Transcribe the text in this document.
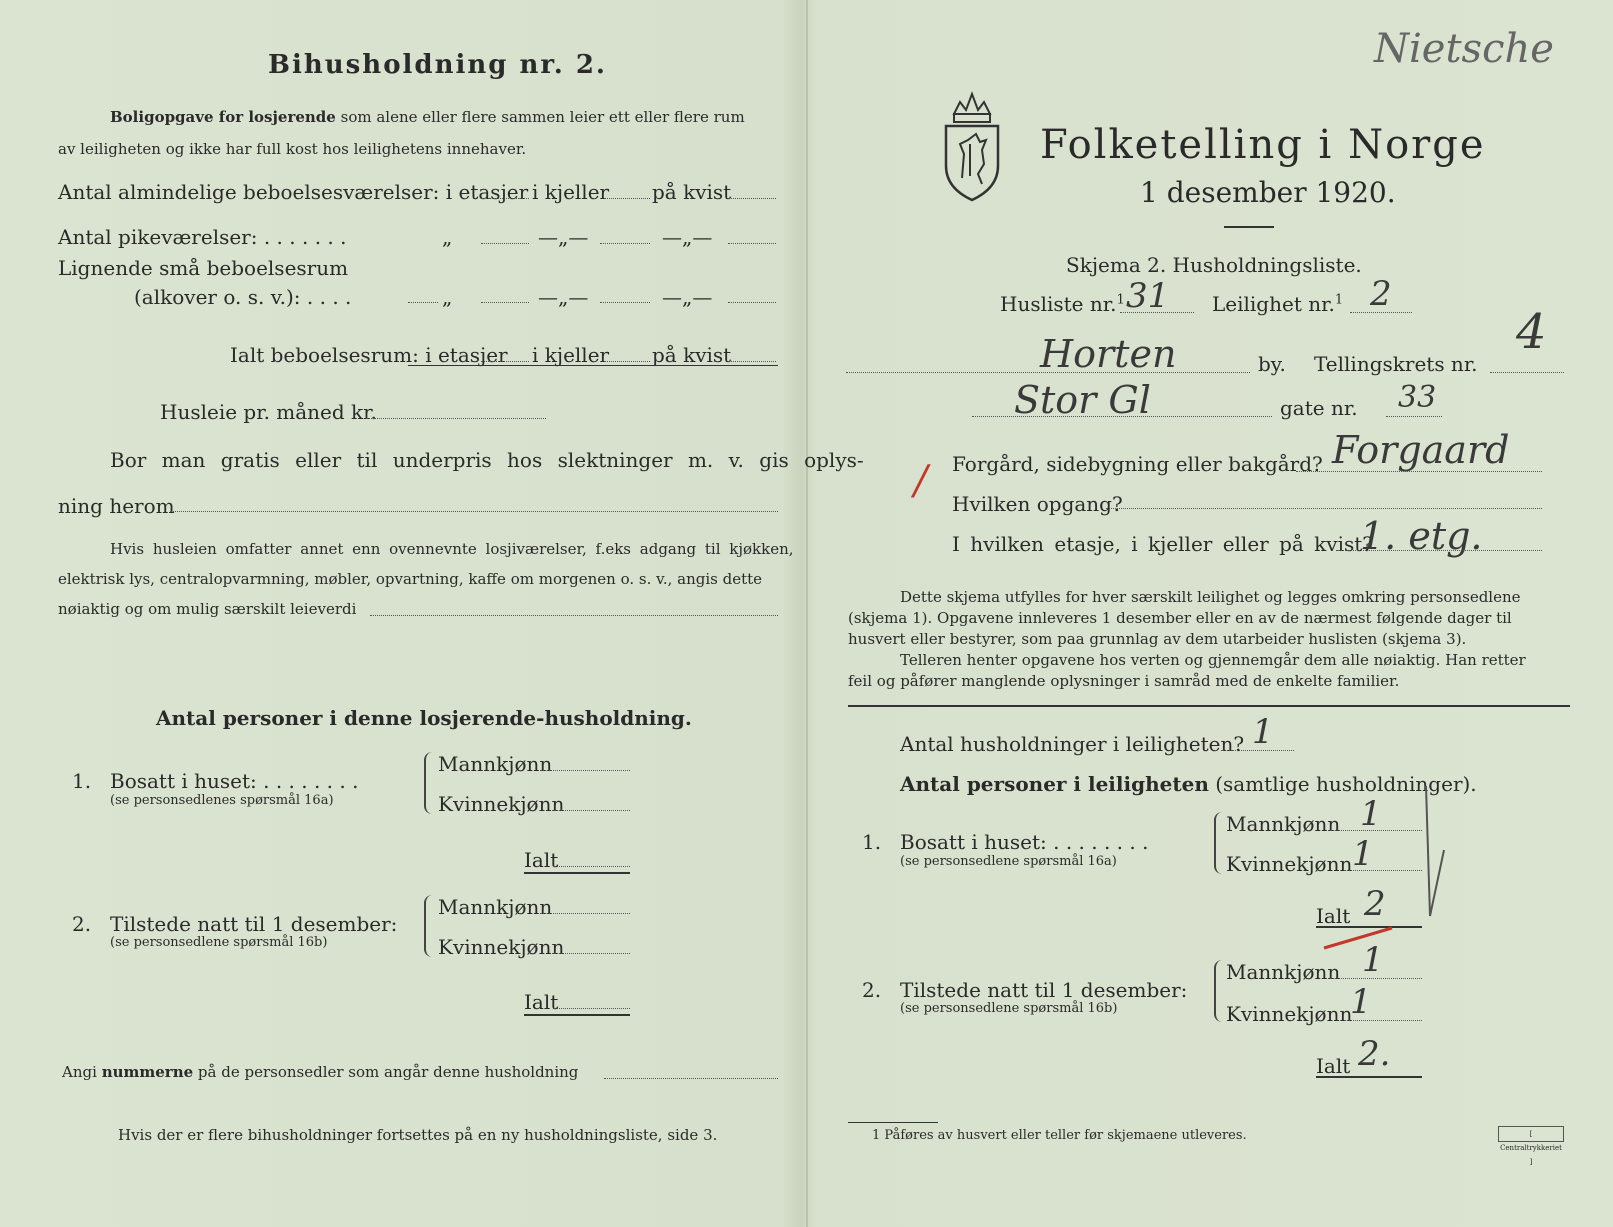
Bihusholdning nr. 2.
Boligopgave for losjerende som alene eller flere sammen leier ett eller flere rum
av leiligheten og ikke har full kost hos leilighetens innehaver.
Antal almindelige beboelsesværelser: i etasjer i kjeller på kvist
Antal pikeværelser: . . . . . . .	„	—„—	—„—
Lignende små beboelsesrum
(alkover o. s. v.): . . . .	„	—„—	—„—
Ialt beboelsesrum: i etasjer i kjeller på kvist
Husleie pr. måned kr.
Bor man gratis eller til underpris hos slektninger m. v. gis oplys-
ning herom
Hvis husleien omfatter annet enn ovennevnte losjiværelser, f.eks adgang til kjøkken,
elektrisk lys, centralopvarmning, møbler, opvartning, kaffe om morgenen o. s. v., angis dette
nøiaktig og om mulig særskilt leieverdi
Antal personer i denne losjerende-husholdning.
1. Bosatt i huset: . . . . . . . .
(se personsedlenes spørsmål 16a)
Mannkjønn
Kvinnekjønn
Ialt
2. Tilstede natt til 1 desember:
(se personsedlene spørsmål 16b)
Mannkjønn
Kvinnekjønn
Ialt
Angi nummerne på de personsedler som angår denne husholdning
Hvis der er flere bihusholdninger fortsettes på en ny husholdningsliste, side 3.
Nietsche
Folketelling i Norge
1 desember 1920.
Skjema 2. Husholdningsliste.
Husliste nr.$^1$ 31 Leilighet nr.$^1$ 2
Horten	by. Tellingskrets nr.
4
Stor Gl	gate nr. 33
/ Forgård, sidebygning eller bakgård? Forgaard
Hvilken opgang?
I hvilken etasje, i kjeller eller på kvist?
1. etg.
Dette skjema utfylles for hver særskilt leilighet og legges omkring personsedlene
(skjema 1). Opgavene innleveres 1 desember eller en av de nærmest følgende dager til
husvert eller bestyrer, som paa grunnlag av dem utarbeider huslisten (skjema 3).
Telleren henter opgavene hos verten og gjennemgår dem alle nøiaktig. Han retter
feil og påfører manglende oplysninger i samråd med de enkelte familier.
Antal husholdninger i leiligheten? 1
Antal personer i leiligheten (samtlige husholdninger).
1. Bosatt i huset: . . . . . . . .
(se personsedlene spørsmål 16a)
Mannkjønn 1
Kvinnekjønn 1
Ialt 2
2. Tilstede natt til 1 desember:
(se personsedlene spørsmål 16b)
Mannkjønn 1
Kvinnekjønn
1
Ialt 2.
1 Påføres av husvert eller teller før skjemaene utleveres.	[ Centraltrykkeriet ]
